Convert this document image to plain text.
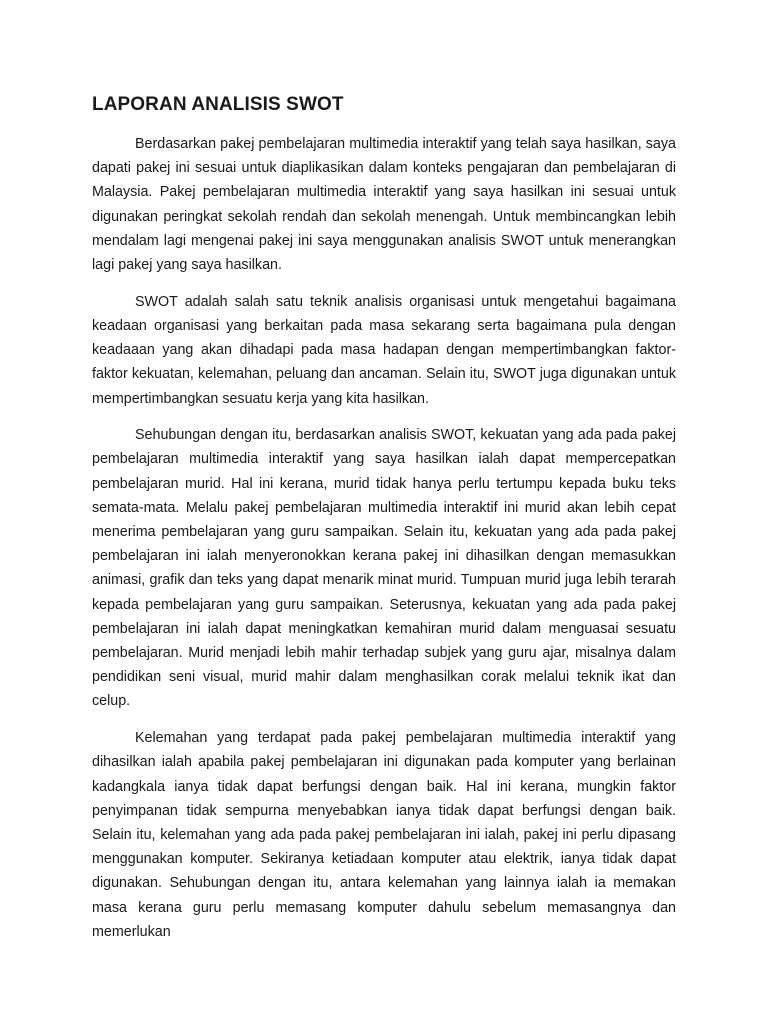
LAPORAN ANALISIS SWOT

Berdasarkan pakej pembelajaran multimedia interaktif yang telah saya hasilkan, saya dapati pakej ini sesuai untuk diaplikasikan dalam konteks pengajaran dan pembelajaran di Malaysia. Pakej pembelajaran multimedia interaktif yang saya hasilkan ini sesuai untuk digunakan peringkat sekolah rendah dan sekolah menengah. Untuk membincangkan lebih mendalam lagi mengenai pakej ini saya menggunakan analisis SWOT untuk menerangkan lagi pakej yang saya hasilkan.

SWOT adalah salah satu teknik analisis organisasi untuk mengetahui bagaimana keadaan organisasi yang berkaitan pada masa sekarang serta bagaimana pula dengan keadaaan yang akan dihadapi pada masa hadapan dengan mempertimbangkan faktor-faktor kekuatan, kelemahan, peluang dan ancaman. Selain itu, SWOT juga digunakan untuk mempertimbangkan sesuatu kerja yang kita hasilkan.

Sehubungan dengan itu, berdasarkan analisis SWOT, kekuatan yang ada pada pakej pembelajaran multimedia interaktif yang saya hasilkan ialah dapat mempercepatkan pembelajaran murid. Hal ini kerana, murid tidak hanya perlu tertumpu kepada buku teks semata-mata. Melalu pakej pembelajaran multimedia interaktif ini murid akan lebih cepat menerima pembelajaran yang guru sampaikan. Selain itu, kekuatan yang ada pada pakej pembelajaran ini ialah menyeronokkan kerana pakej ini dihasilkan dengan memasukkan animasi, grafik dan teks yang dapat menarik minat murid. Tumpuan murid juga lebih terarah kepada pembelajaran yang guru sampaikan. Seterusnya, kekuatan yang ada pada pakej pembelajaran ini ialah dapat meningkatkan kemahiran murid dalam menguasai sesuatu pembelajaran. Murid menjadi lebih mahir terhadap subjek yang guru ajar, misalnya dalam pendidikan seni visual, murid mahir dalam menghasilkan corak melalui teknik ikat dan celup.

Kelemahan yang terdapat pada pakej pembelajaran multimedia interaktif yang dihasilkan ialah apabila pakej pembelajaran ini digunakan pada komputer yang berlainan kadangkala ianya tidak dapat berfungsi dengan baik. Hal ini kerana, mungkin faktor penyimpanan tidak sempurna menyebabkan ianya tidak dapat berfungsi dengan baik. Selain itu, kelemahan yang ada pada pakej pembelajaran ini ialah, pakej ini perlu dipasang menggunakan komputer. Sekiranya ketiadaan komputer atau elektrik, ianya tidak dapat digunakan. Sehubungan dengan itu, antara kelemahan yang lainnya ialah ia memakan masa kerana guru perlu memasang komputer dahulu sebelum memasangnya dan memerlukan
